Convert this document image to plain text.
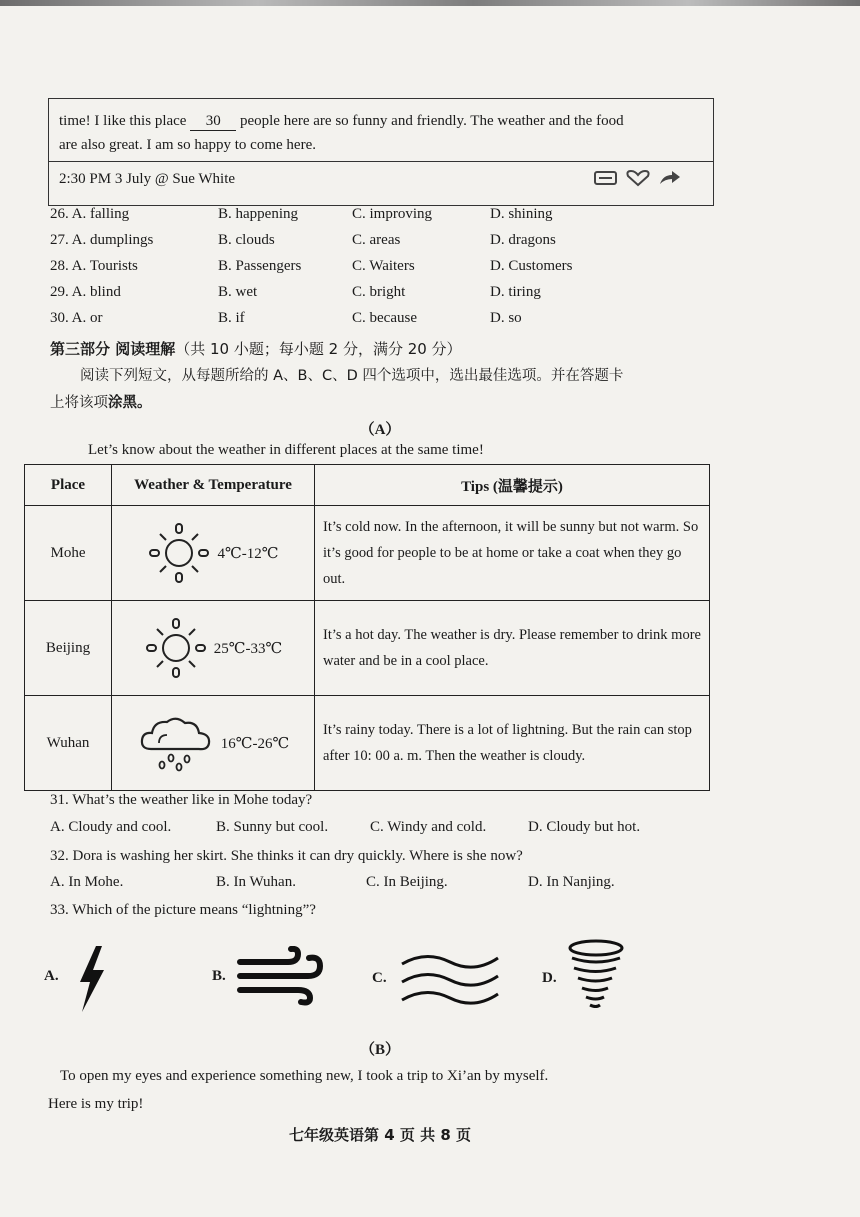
time! I like this place 30 people here are so funny and friendly. The weather and the food
are also great. I am so happy to come here.
2:30 PM 3 July @ Sue White
26. A. falling	B. happening	C. improving	D. shining
27. A. dumplings	B. clouds	C. areas	D. dragons
28. A. Tourists	B. Passengers	C. Waiters	D. Customers
29. A. blind	B. wet	C. bright	D. tiring
30. A. or	B. if	C. because	D. so
第三部分 阅读理解（共 10 小题；每小题 2 分，满分 20 分）
阅读下列短文，从每题所给的 A、B、C、D 四个选项中，选出最佳选项。并在答题卡
上将该项涂黑。
（A）
Let’s know about the weather in different places at the same time!
Place	Weather & Temperature	Tips (温馨提示)
Mohe	4℃-12℃	It’s cold now. In the afternoon, it will be sunny but not warm. So it’s good for people to be at home or take a coat when they go out.
Beijing	25℃-33℃	It’s a hot day. The weather is dry. Please remember to drink more water and be in a cool place.
Wuhan	16℃-26℃	It’s rainy today. There is a lot of lightning. But the rain can stop after 10: 00 a. m. Then the weather is cloudy.
31. What’s the weather like in Mohe today?
A. Cloudy and cool.	B. Sunny but cool.	C. Windy and cold.	D. Cloudy but hot.
32. Dora is washing her skirt. She thinks it can dry quickly. Where is she now?
A. In Mohe.	B. In Wuhan.	C. In Beijing.	D. In Nanjing.
33. Which of the picture means “lightning”?
A.	B.	C.	D.
（B）
To open my eyes and experience something new, I took a trip to Xi’an by myself.
Here is my trip!
七年级英语第 4 页 共 8 页
